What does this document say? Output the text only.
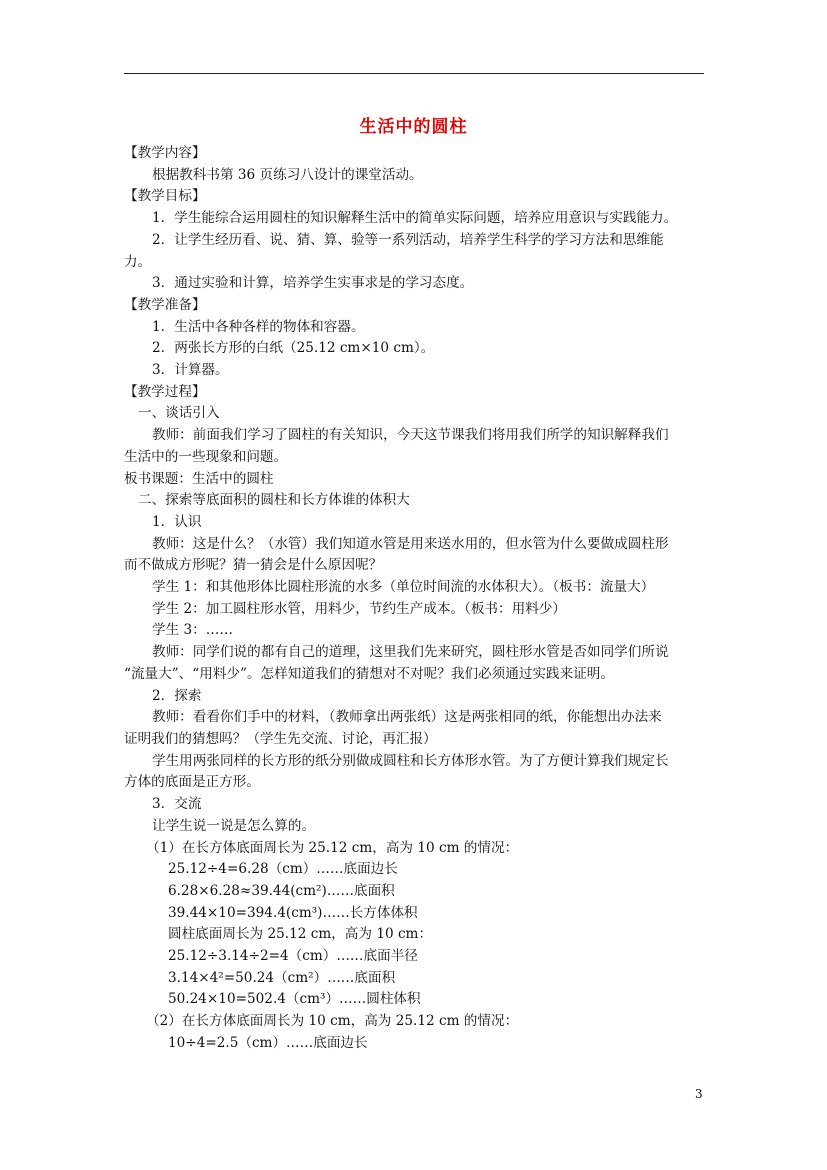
生活中的圆柱
【教学内容】
根据教科书第 36 页练习八设计的课堂活动。
【教学目标】
1．学生能综合运用圆柱的知识解释生活中的简单实际问题，培养应用意识与实践能力。
2．让学生经历看、说、猜、算、验等一系列活动，培养学生科学的学习方法和思维能
力。
3．通过实验和计算，培养学生实事求是的学习态度。
【教学准备】
1．生活中各种各样的物体和容器。
2．两张长方形的白纸（25.12 cm×10 cm）。
3．计算器。
【教学过程】
一、谈话引入
教师：前面我们学习了圆柱的有关知识，今天这节课我们将用我们所学的知识解释我们
生活中的一些现象和问题。
板书课题：生活中的圆柱
二、探索等底面积的圆柱和长方体谁的体积大
1．认识
教师：这是什么？（水管）我们知道水管是用来送水用的，但水管为什么要做成圆柱形
而不做成方形呢？猜一猜会是什么原因呢？
学生 1：和其他形体比圆柱形流的水多（单位时间流的水体积大）。（板书：流量大）
学生 2：加工圆柱形水管，用料少，节约生产成本。（板书：用料少）
学生 3：……
教师：同学们说的都有自己的道理，这里我们先来研究，圆柱形水管是否如同学们所说
“流量大”、“用料少”。怎样知道我们的猜想对不对呢？我们必须通过实践来证明。
2．探索
教师：看看你们手中的材料，（教师拿出两张纸）这是两张相同的纸，你能想出办法来
证明我们的猜想吗？（学生先交流、讨论，再汇报）
学生用两张同样的长方形的纸分别做成圆柱和长方体形水管。为了方便计算我们规定长
方体的底面是正方形。
3．交流
让学生说一说是怎么算的。
（1）在长方体底面周长为 25.12 cm，高为 10 cm 的情况：
25.12÷4=6.28（cm）……底面边长
6.28×6.28≈39.44(cm²)……底面积
39.44×10=394.4(cm³)……长方体体积
圆柱底面周长为 25.12 cm，高为 10 cm：
25.12÷3.14÷2=4（cm）……底面半径
3.14×4²=50.24（cm²）……底面积
50.24×10=502.4（cm³）……圆柱体积
（2）在长方体底面周长为 10 cm，高为 25.12 cm 的情况：
10÷4=2.5（cm）……底面边长
3
